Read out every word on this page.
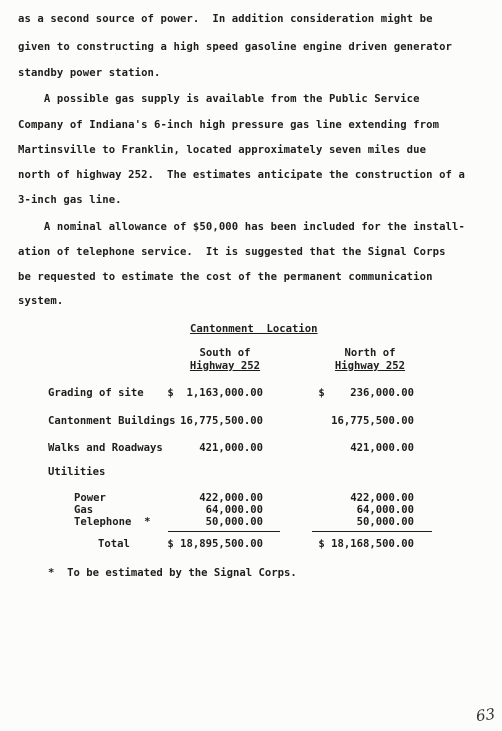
as a second source of power.  In addition consideration might be
given to constructing a high speed gasoline engine driven generator
standby power station.
A possible gas supply is available from the Public Service
Company of Indiana's 6-inch high pressure gas line extending from
Martinsville to Franklin, located approximately seven miles due
north of highway 252.  The estimates anticipate the construction of a
3-inch gas line.
A nominal allowance of $50,000 has been included for the install-
ation of telephone service.  It is suggested that the Signal Corps
be requested to estimate the cost of the permanent communication
system.
Cantonment  Location
South of
Highway 252
North of
Highway 252
Grading of site	$  1,163,000.00	$    236,000.00
Cantonment Buildings 16,775,500.00	16,775,500.00
Walks and Roadways	421,000.00	421,000.00
Utilities
Power	422,000.00	422,000.00
Gas	64,000.00	64,000.00
Telephone  *	50,000.00	50,000.00
Total	$ 18,895,500.00	$ 18,168,500.00
*  To be estimated by the Signal Corps.
63
